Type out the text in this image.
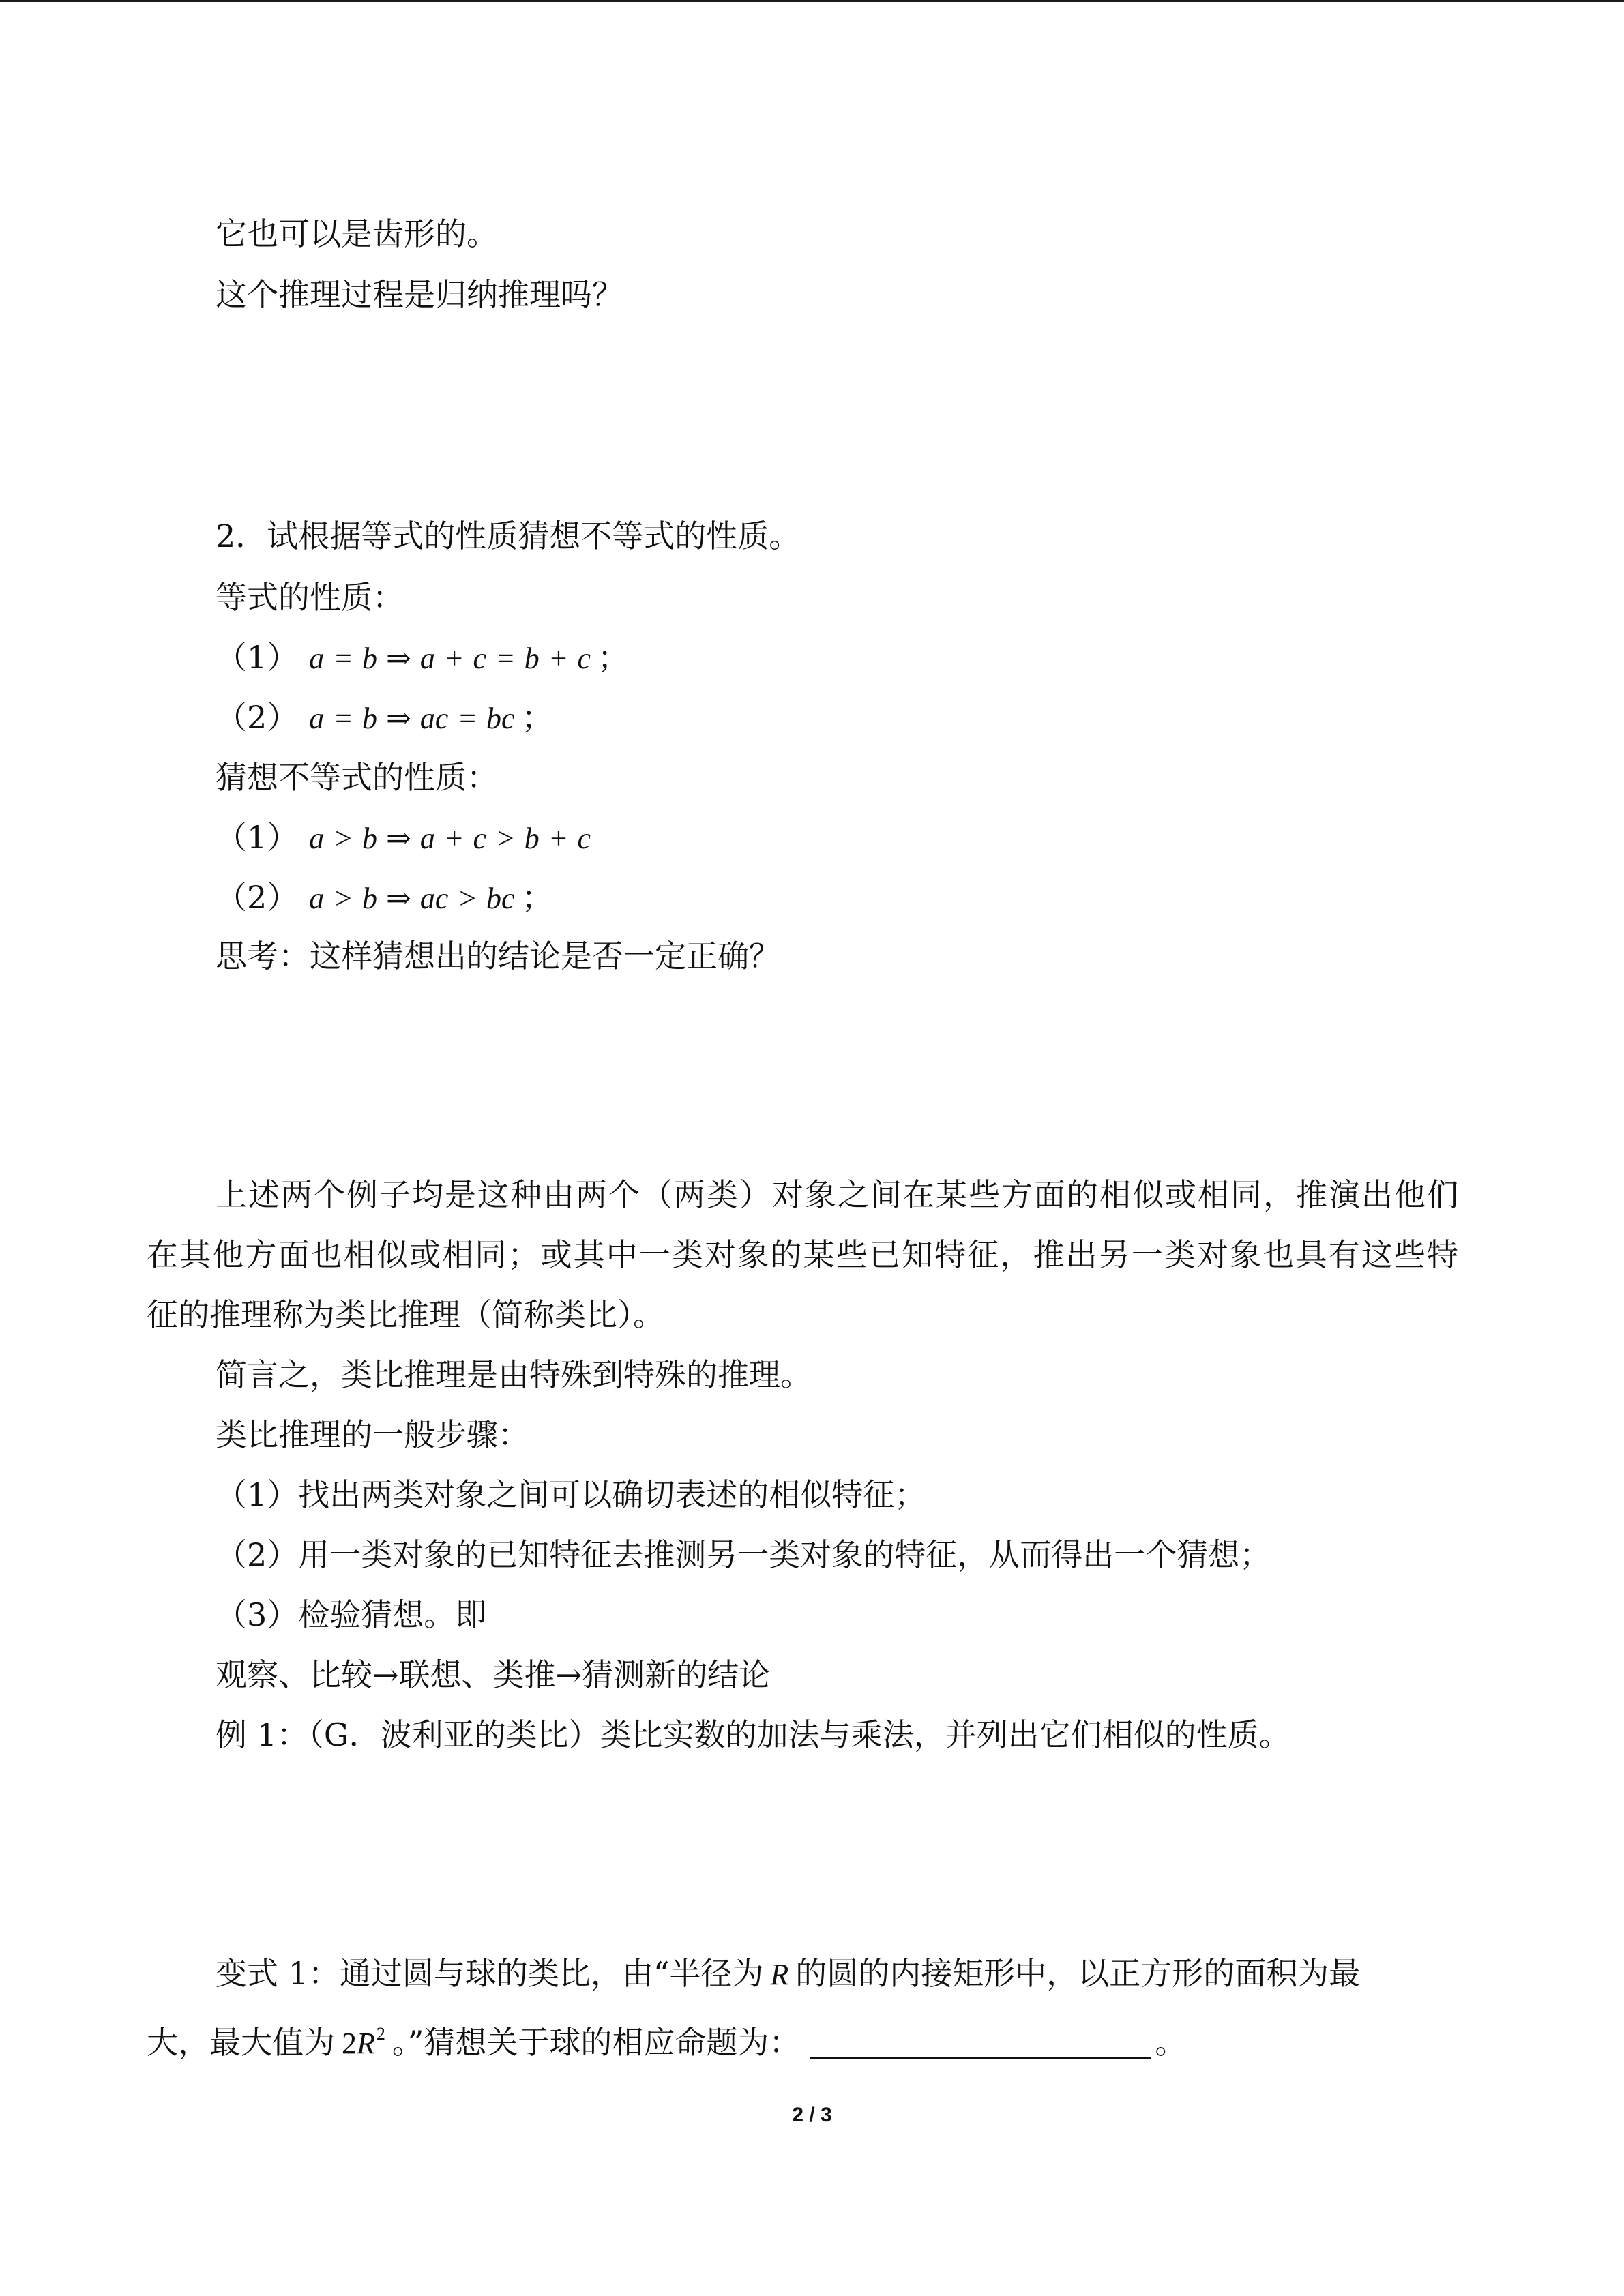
它也可以是齿形的。
这个推理过程是归纳推理吗？
2．试根据等式的性质猜想不等式的性质。
等式的性质：
（1） a = b ⇒ a + c = b + c ；
（2） a = b ⇒ ac = bc ；
猜想不等式的性质：
（1） a > b ⇒ a + c > b + c
（2） a > b ⇒ ac > bc ；
思考：这样猜想出的结论是否一定正确？
上述两个例子均是这种由两个（两类）对象之间在某些方面的相似或相同，推演出他们
在其他方面也相似或相同；或其中一类对象的某些已知特征，推出另一类对象也具有这些特
征的推理称为类比推理（简称类比）。
简言之，类比推理是由特殊到特殊的推理。
类比推理的一般步骤：
（1）找出两类对象之间可以确切表述的相似特征；
（2）用一类对象的已知特征去推测另一类对象的特征，从而得出一个猜想；
（3）检验猜想。即
观察、比较→联想、类推→猜测新的结论
例 1：（G．波利亚的类比）类比实数的加法与乘法，并列出它们相似的性质。
变式 1：通过圆与球的类比，由“半径为 R 的圆的内接矩形中，以正方形的面积为最
大，最大值为 $2R^2$ 。”猜想关于球的相应命题为：	。
2 / 3
